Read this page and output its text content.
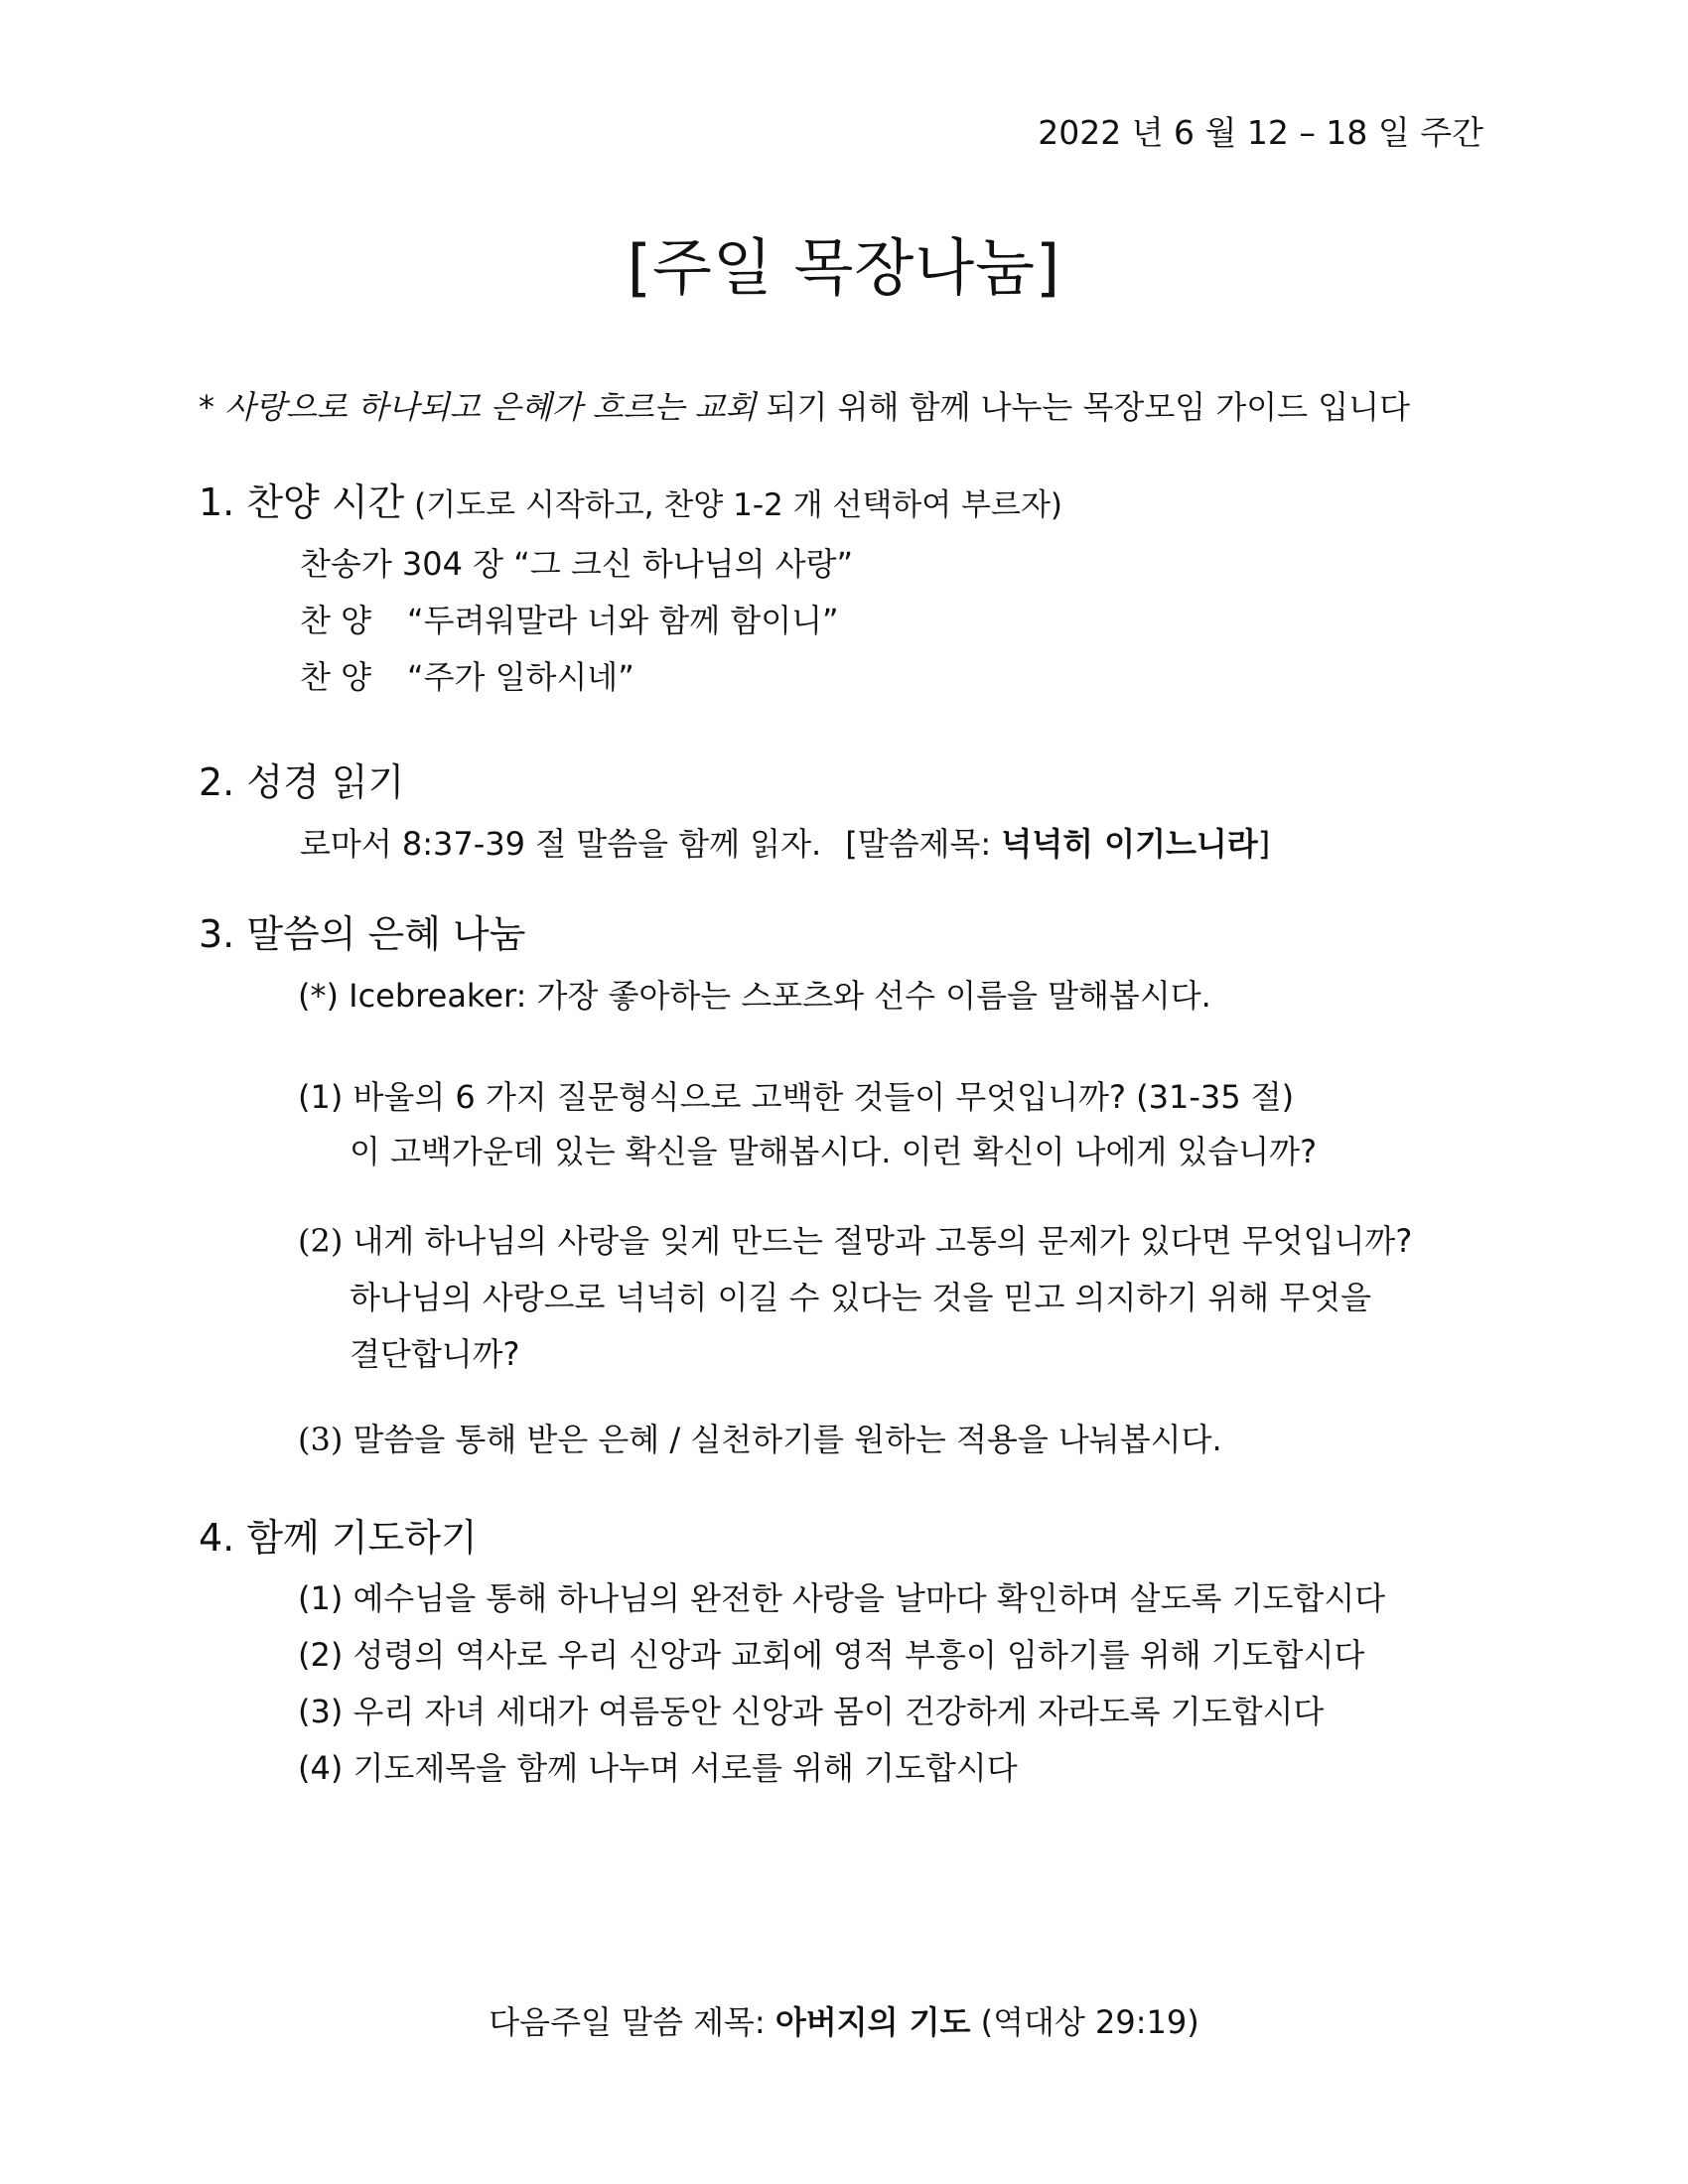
2022 년 6 월 12 – 18 일 주간
[주일 목장나눔]
* 사랑으로 하나되고 은혜가 흐르는 교회 되기 위해 함께 나누는 목장모임 가이드 입니다
1. 찬양 시간 (기도로 시작하고, 찬양 1-2 개 선택하여 부르자)
찬송가 304 장 “그 크신 하나님의 사랑”
찬 양 “두려워말라 너와 함께 함이니”
찬 양 “주가 일하시네”
2. 성경 읽기
로마서 8:37-39 절 말씀을 함께 읽자. [말씀제목: 넉넉히 이기느니라]
3. 말씀의 은혜 나눔
(*) Icebreaker: 가장 좋아하는 스포츠와 선수 이름을 말해봅시다.
(1) 바울의 6 가지 질문형식으로 고백한 것들이 무엇입니까? (31-35 절)
이 고백가운데 있는 확신을 말해봅시다. 이런 확신이 나에게 있습니까?
(2) 내게 하나님의 사랑을 잊게 만드는 절망과 고통의 문제가 있다면 무엇입니까?
하나님의 사랑으로 넉넉히 이길 수 있다는 것을 믿고 의지하기 위해 무엇을
결단합니까?
(3) 말씀을 통해 받은 은혜 / 실천하기를 원하는 적용을 나눠봅시다.
4. 함께 기도하기
(1) 예수님을 통해 하나님의 완전한 사랑을 날마다 확인하며 살도록 기도합시다
(2) 성령의 역사로 우리 신앙과 교회에 영적 부흥이 임하기를 위해 기도합시다
(3) 우리 자녀 세대가 여름동안 신앙과 몸이 건강하게 자라도록 기도합시다
(4) 기도제목을 함께 나누며 서로를 위해 기도합시다
다음주일 말씀 제목: 아버지의 기도 (역대상 29:19)
